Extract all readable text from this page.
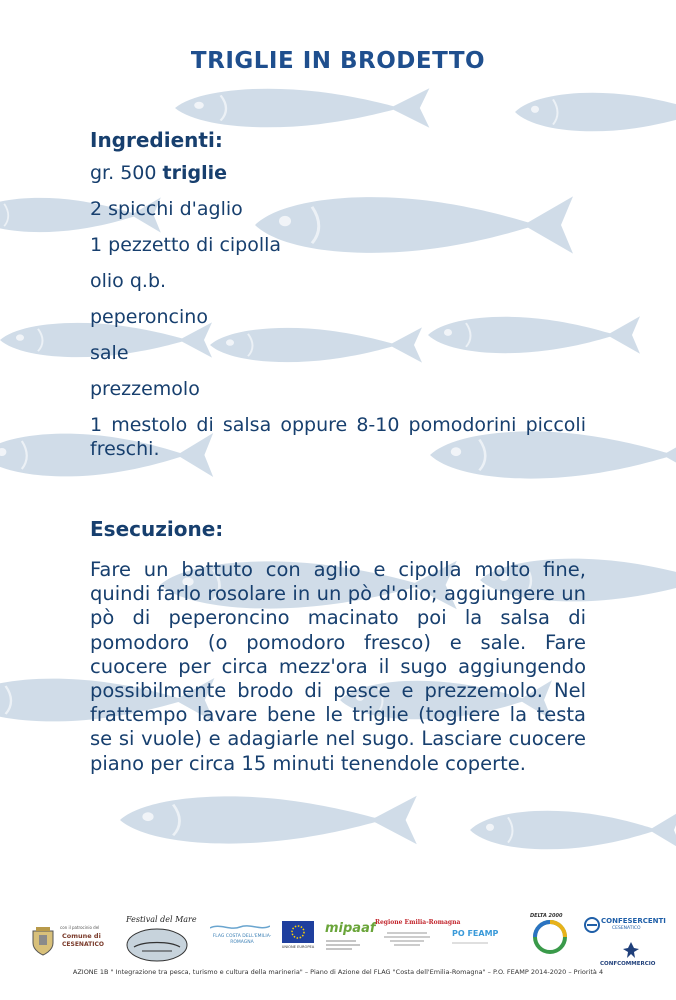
TRIGLIE IN BRODETTO
Ingredienti:
gr. 500 triglie
2 spicchi d'aglio
1 pezzetto di cipolla
olio q.b.
peperoncino
sale
prezzemolo
1 mestolo di salsa oppure 8-10 pomodorini piccoli freschi.
Esecuzione:

Fare un battuto con aglio e cipolla molto fine, quindi farlo rosolare in un pò d'olio; aggiungere un pò di peperoncino macinato poi la salsa di pomodoro (o pomodoro fresco) e sale. Fare cuocere per circa mezz'ora il sugo aggiungendo possibilmente brodo di pesce e prezzemolo. Nel frattempo lavare bene le triglie (togliere la testa se si vuole) e adagiarle nel sugo. Lasciare cuocere piano per circa 15 minuti tenendole coperte.

con il patrocinio del
Comune di
CESENATICO
Festival del Mare
FLAG COSTA DELL'EMILIA-ROMAGNA
UNIONE EUROPEA
mipaaf Regione Emilia-Romagna
PO FEAMP
DELTA 2000
CONFESERCENTI
CESENATICO
CONFCOMMERCIO
AZIONE 1B " Integrazione tra pesca, turismo e cultura della marineria" – Piano di Azione del FLAG "Costa dell'Emilia-Romagna" – P.O. FEAMP 2014-2020 – Priorità 4
